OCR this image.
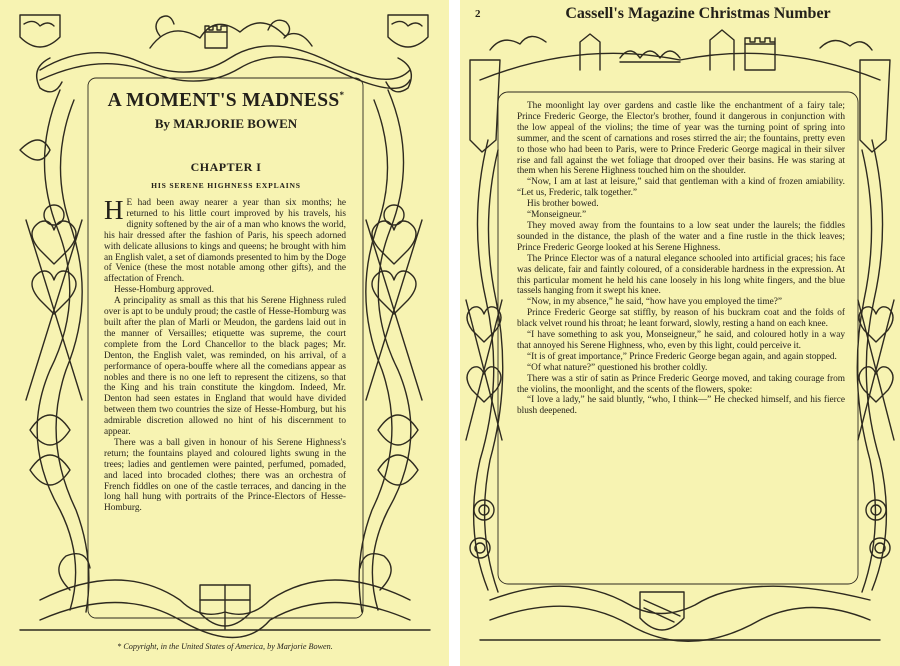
A MOMENT'S MADNESS*
By MARJORIE BOWEN
CHAPTER I
HIS SERENE HIGHNESS EXPLAINS

H E had been away nearer a year than six months; he returned to his little court improved by his travels, his dignity softened by the air of a man who knows the world, his hair dressed after the fashion of Paris, his speech adorned with delicate allusions to kings and queens; he brought with him an English valet, a set of diamonds presented to him by the Doge of Venice (these the most notable among other gifts), and the affectation of French.

Hesse-Homburg approved.

A principality as small as this that his Serene Highness ruled over is apt to be unduly proud; the castle of Hesse-Homburg was built after the plan of Marli or Meudon, the gardens laid out in the manner of Versailles; etiquette was supreme, the court complete from the Lord Chancellor to the black pages; Mr. Denton, the English valet, was reminded, on his arrival, of a performance of opera-bouffe where all the comedians appear as nobles and there is no one left to represent the citizens, so that the King and his train constitute the kingdom. Indeed, Mr. Denton had seen estates in England that would have divided between them two countries the size of Hesse-Homburg, but his admirable discretion allowed no hint of his discernment to appear.

There was a ball given in honour of his Serene Highness's return; the fountains played and coloured lights swung in the trees; ladies and gentlemen were painted, perfumed, pomaded, and laced into brocaded clothes; there was an orchestra of French fiddles on one of the castle terraces, and dancing in the long hall hung with portraits of the Prince-Electors of Hesse-Homburg.

* Copyright, in the United States of America, by Marjorie Bowen.
2	Cassell's Magazine Christmas Number

The moonlight lay over gardens and castle like the enchantment of a fairy tale; Prince Frederic George, the Elector's brother, found it dangerous in conjunction with the low appeal of the violins; the time of year was the turning point of spring into summer, and the scent of carnations and roses stirred the air; the fountains, pretty even to those who had been to Paris, were to Prince Frederic George magical in their silver rise and fall against the wet foliage that drooped over their basins. He was staring at them when his Serene Highness touched him on the shoulder.

“Now, I am at last at leisure,” said that gentleman with a kind of frozen amiability. “Let us, Frederic, talk together.”

His brother bowed.

“Monseigneur.”

They moved away from the fountains to a low seat under the laurels; the fiddles sounded in the distance, the plash of the water and a fine rustle in the thick leaves; Prince Frederic George looked at his Serene Highness.

The Prince Elector was of a natural elegance schooled into artificial graces; his face was delicate, fair and faintly coloured, of a considerable hardness in the expression. At this particular moment he held his cane loosely in his long white fingers, and the blue tassels hanging from it swept his knee.

“Now, in my absence,” he said, “how have you employed the time?”

Prince Frederic George sat stiffly, by reason of his buckram coat and the folds of black velvet round his throat; he leant forward, slowly, resting a hand on each knee.

“I have something to ask you, Monseigneur,” he said, and coloured hotly in a way that annoyed his Serene Highness, who, even by this light, could perceive it.

“It is of great importance,” Prince Frederic George began again, and again stopped.

“Of what nature?” questioned his brother coldly.

There was a stir of satin as Prince Frederic George moved, and taking courage from the violins, the moonlight, and the scents of the flowers, spoke:

“I love a lady,” he said bluntly, “who, I think—” He checked himself, and his fierce blush deepened.
